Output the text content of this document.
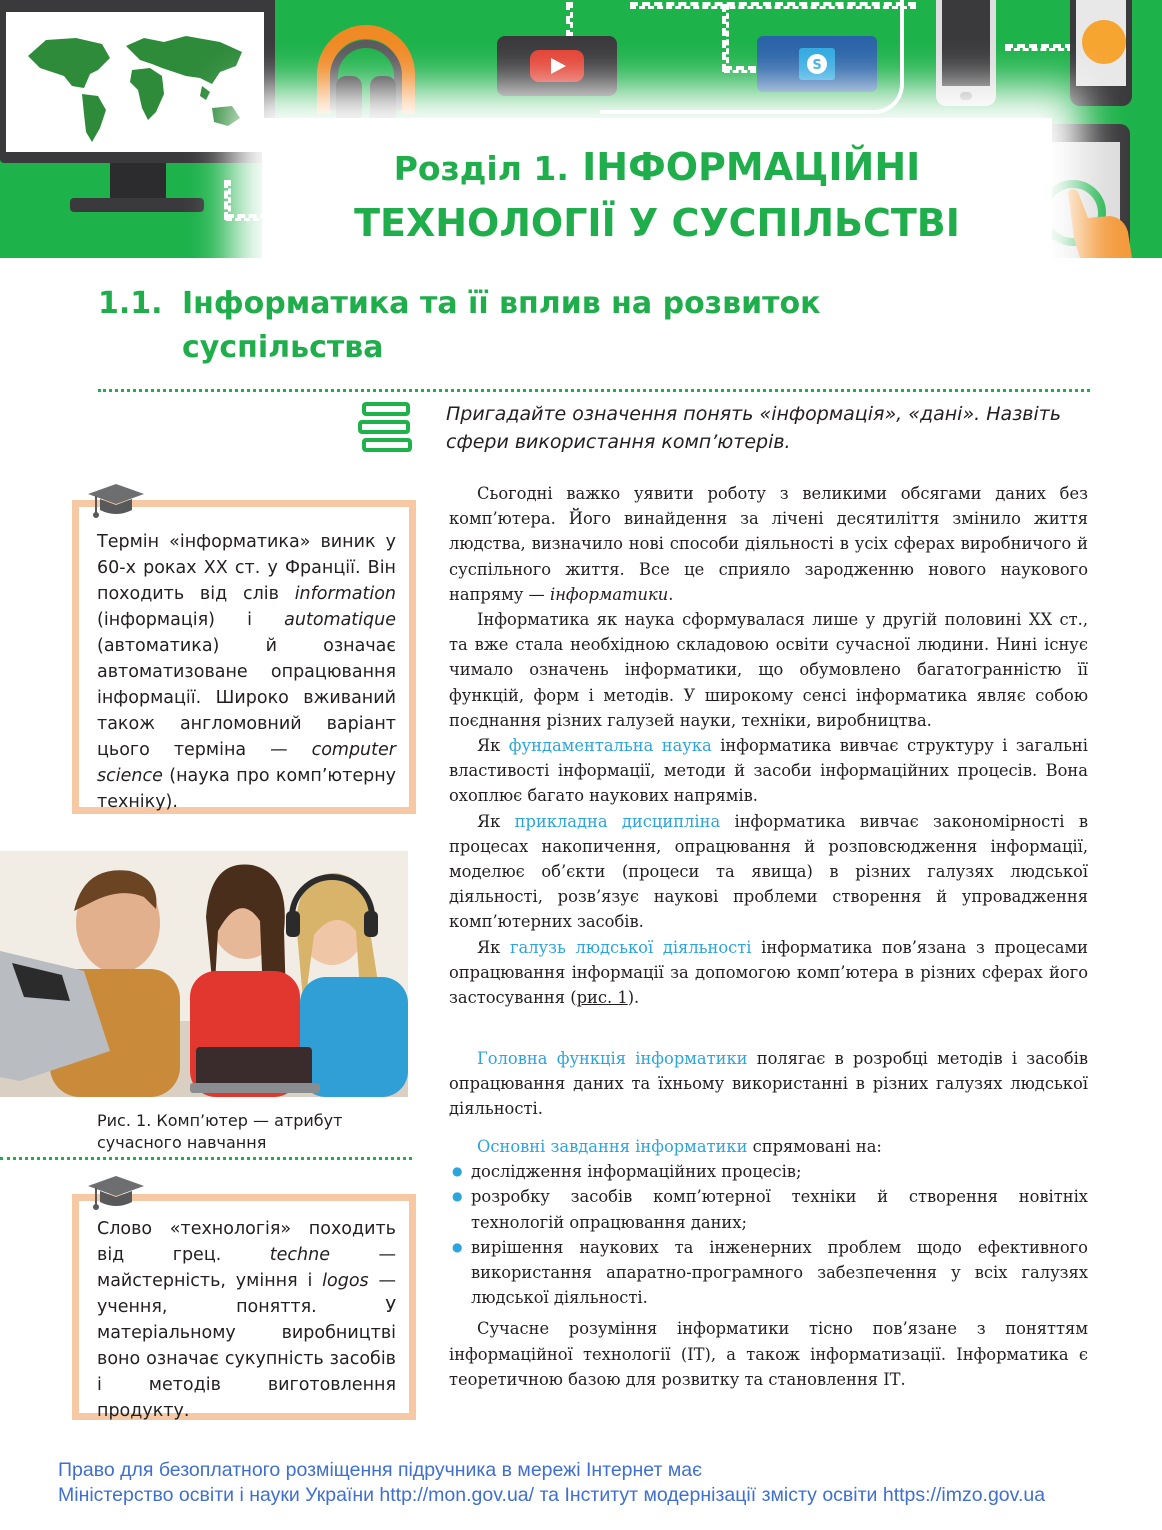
S
Розділ 1. ІНФОРМАЦІЙНІ
ТЕХНОЛОГІЇ У СУСПІЛЬСТВІ
1.1. Інформатика та її вплив на розвиток суспільства
Пригадайте означення понять «інформація», «дані». Назвіть сфери використання комп’ютерів.
Термін «інформатика» виник у 60-х роках ХХ ст. у Франції. Він походить від слів information (інформація) і automatique (автоматика) й означає автоматизоване опрацювання інформації. Широко вживаний також англомовний варіант цього терміна — computer science (наука про комп’ютерну техніку).
Рис. 1. Комп’ютер — атрибут сучасного навчання
Слово «технологія» походить від грец.	techne	— майстерність, уміння і logos — учення, поняття. У матеріальному виробництві воно означає сукупність засобів і методів виготовлення продукту.

Сьогодні важко уявити роботу з великими обсягами даних без комп’ютера. Його винайдення за лічені десятиліття змінило життя людства, визначило нові способи діяльності в усіх сферах виробничого й суспільного життя. Все це сприяло зародженню нового наукового напряму — інформатики.

Інформатика як наука сформувалася лише у другій половині ХХ ст., та вже стала необхідною складовою освіти сучасної людини. Нині існує чимало означень інформатики, що обумовлено багатогранністю її функцій, форм і методів. У широкому сенсі інформатика являє собою поєднання різних галузей науки, техніки, виробництва.

Як фундаментальна наука інформатика вивчає структуру і загальні властивості інформації, методи й засоби інформаційних процесів. Вона охоплює багато наукових напрямів.

Як прикладна дисципліна інформатика вивчає закономірності в процесах накопичення, опрацювання й розповсюдження інформації, моделює об’єкти (процеси та явища) в різних галузях людської діяльності, розв’язує наукові проблеми створення й упровадження комп’ютерних засобів.

Як галузь людської діяльності інформатика пов’язана з процесами опрацювання інформації за допомогою комп’ютера в різних сферах його застосування (рис. 1).

Головна функція інформатики полягає в розробці методів і засобів опрацювання даних та їхньому використанні в різних галузях людської діяльності.

Основні завдання інформатики спрямовані на:

● дослідження інформаційних процесів;
● розробку засобів комп’ютерної техніки й створення новітніх технологій опрацювання даних;
● вирішення наукових та інженерних проблем щодо ефективного використання апаратно-програмного забезпечення у всіх галузях людської діяльності.

Сучасне розуміння інформатики тісно пов’язане з поняттям інформаційної технології (ІТ), а також інформатизації. Інформатика є теоретичною базою для розвитку та становлення ІТ.

Право для безоплатного розміщення підручника в мережі Інтернет має
Міністерство освіти і науки України http://mon.gov.ua/ та Інститут модернізації змісту освіти https://imzo.gov.ua
